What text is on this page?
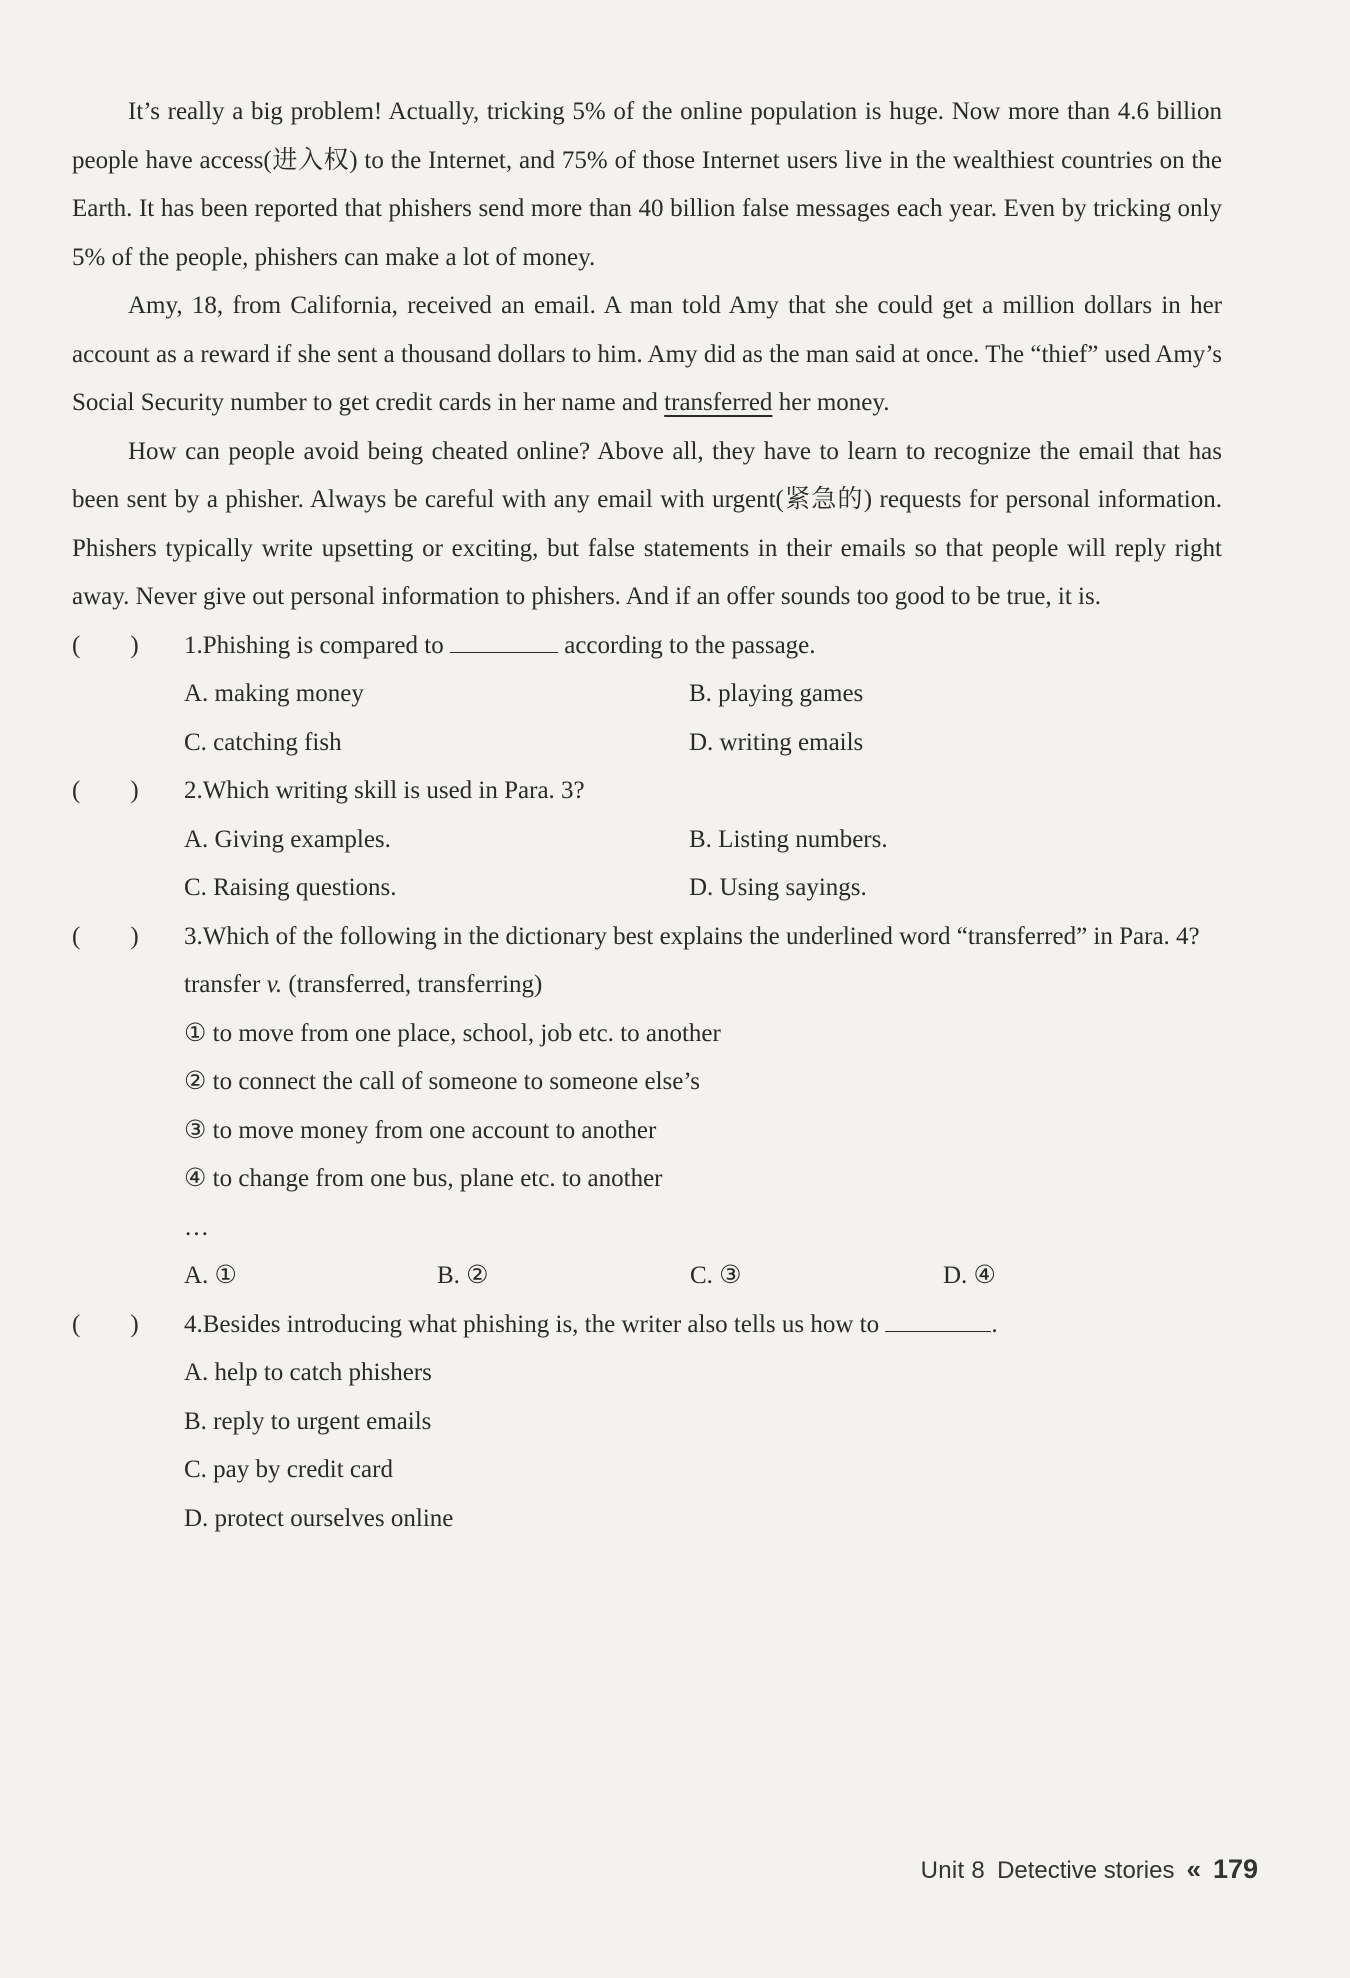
It’s really a big problem! Actually, tricking 5% of the online population is huge. Now more than 4.6 billion people have access(进入权) to the Internet, and 75% of those Internet users live in the wealthiest countries on the Earth. It has been reported that phishers send more than 40 billion false messages each year. Even by tricking only 5% of the people, phishers can make a lot of money.

Amy, 18, from California, received an email. A man told Amy that she could get a million dollars in her account as a reward if she sent a thousand dollars to him. Amy did as the man said at once. The “thief” used Amy’s Social Security number to get credit cards in her name and transferred her money.

How can people avoid being cheated online? Above all, they have to learn to recognize the email that has been sent by a phisher. Always be careful with any email with urgent(紧急的) requests for personal information. Phishers typically write upsetting or exciting, but false statements in their emails so that people will reply right away. Never give out personal information to phishers. And if an offer sounds too good to be true, it is.

(　　) 1.Phishing is compared to	according to the passage.
A. making money	B. playing games
C. catching fish	D. writing emails
(　　) 2.Which writing skill is used in Para. 3?
A. Giving examples.	B. Listing numbers.
C. Raising questions.	D. Using sayings.
(　　) 3.Which of the following in the dictionary best explains the underlined word “transferred” in Para. 4?
transfer v. (transferred, transferring)
① to move from one place, school, job etc. to another
② to connect the call of someone to someone else’s
③ to move money from one account to another
④ to change from one bus, plane etc. to another
…
A. ①	B. ②	C. ③	D. ④
(　　) 4.Besides introducing what phishing is, the writer also tells us how to	.
A. help to catch phishers
B. reply to urgent emails
C. pay by credit card
D. protect ourselves online
Unit 8 Detective stories « 179
